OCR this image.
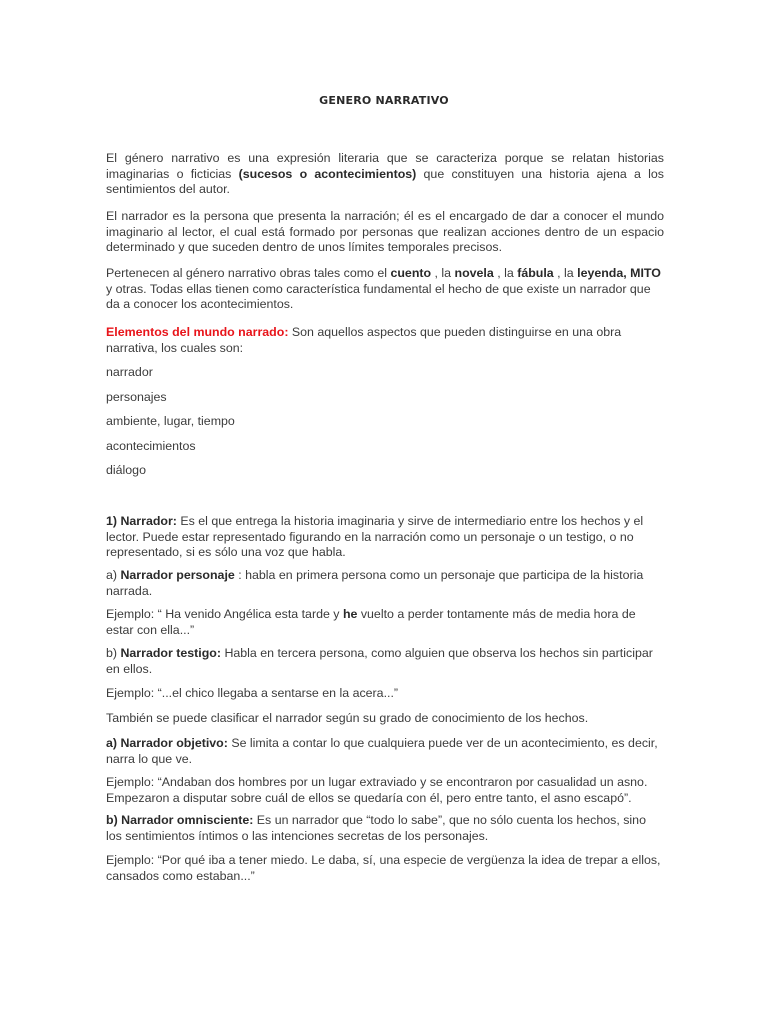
GENERO NARRATIVO
El género narrativo es una expresión literaria que se caracteriza porque se relatan historias imaginarias o ficticias (sucesos o acontecimientos) que constituyen una historia ajena a los sentimientos del autor.
El narrador es la persona que presenta la narración; él es el encargado de dar a conocer el mundo imaginario al lector, el cual está formado por personas que realizan acciones dentro de un espacio determinado y que suceden dentro de unos límites temporales precisos.
Pertenecen al género narrativo obras tales como el cuento , la novela , la fábula , la leyenda, MITO y otras. Todas ellas tienen como característica fundamental el hecho de que existe un narrador que da a conocer los acontecimientos.
Elementos del mundo narrado: Son aquellos aspectos que pueden distinguirse en una obra narrativa, los cuales son:
narrador
personajes
ambiente, lugar, tiempo
acontecimientos
diálogo
1) Narrador: Es el que entrega la historia imaginaria y sirve de intermediario entre los hechos y el lector. Puede estar representado figurando en la narración como un personaje o un testigo, o no representado, si es sólo una voz que habla.
a) Narrador personaje : habla en primera persona como un personaje que participa de la historia narrada.
Ejemplo: “ Ha venido Angélica esta tarde y he vuelto a perder tontamente más de media hora de estar con ella...”
b) Narrador testigo: Habla en tercera persona, como alguien que observa los hechos sin participar en ellos.
Ejemplo: “...el chico llegaba a sentarse en la acera...”
También se puede clasificar el narrador según su grado de conocimiento de los hechos.
a) Narrador objetivo: Se limita a contar lo que cualquiera puede ver de un acontecimiento, es decir, narra lo que ve.
Ejemplo: “Andaban dos hombres por un lugar extraviado y se encontraron por casualidad un asno. Empezaron a disputar sobre cuál de ellos se quedaría con él, pero entre tanto, el asno escapó”.
b) Narrador omnisciente: Es un narrador que “todo lo sabe”, que no sólo cuenta los hechos, sino los sentimientos íntimos o las intenciones secretas de los personajes.
Ejemplo: “Por qué iba a tener miedo. Le daba, sí, una especie de vergüenza la idea de trepar a ellos, cansados como estaban...”
